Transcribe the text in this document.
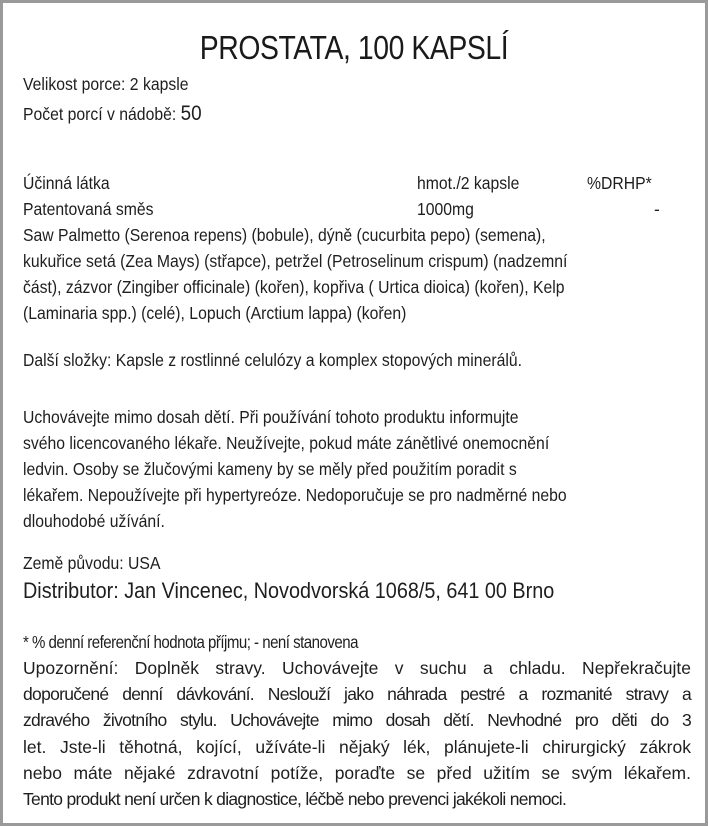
PROSTATA, 100 KAPSLÍ
Velikost porce: 2 kapsle
Počet porcí v nádobě: 50
Účinná látka	hmot./2 kapsle	%DRHP*
Patentovaná směs	1000mg	-
Saw Palmetto (Serenoa repens) (bobule), dýně (cucurbita pepo) (semena),
kukuřice setá (Zea Mays) (střapce), petržel (Petroselinum crispum) (nadzemní
část), zázvor (Zingiber officinale) (kořen), kopřiva ( Urtica dioica) (kořen), Kelp
(Laminaria spp.) (celé), Lopuch (Arctium lappa) (kořen)
Další složky: Kapsle z rostlinné celulózy a komplex stopových minerálů.
Uchovávejte mimo dosah dětí. Při používání tohoto produktu informujte
svého licencovaného lékaře. Neužívejte, pokud máte zánětlivé onemocnění
ledvin. Osoby se žlučovými kameny by se měly před použitím poradit s
lékařem. Nepoužívejte při hypertyreóze. Nedoporučuje se pro nadměrné nebo
dlouhodobé užívání.
Země původu: USA
Distributor: Jan Vincenec, Novodvorská 1068/5, 641 00 Brno
* % denní referenční hodnota příjmu; - není stanovena
Upozornění: Doplněk stravy. Uchovávejte v suchu a chladu. Nepřekračujte
doporučené denní dávkování. Neslouží jako náhrada pestré a rozmanité stravy a
zdravého životního stylu. Uchovávejte mimo dosah dětí. Nevhodné pro děti do 3
let. Jste-li těhotná, kojící, užíváte-li nějaký lék, plánujete-li chirurgický zákrok
nebo máte nějaké zdravotní potíže, poraďte se před užitím se svým lékařem.
Tento produkt není určen k diagnostice, léčbě nebo prevenci jakékoli nemoci.
